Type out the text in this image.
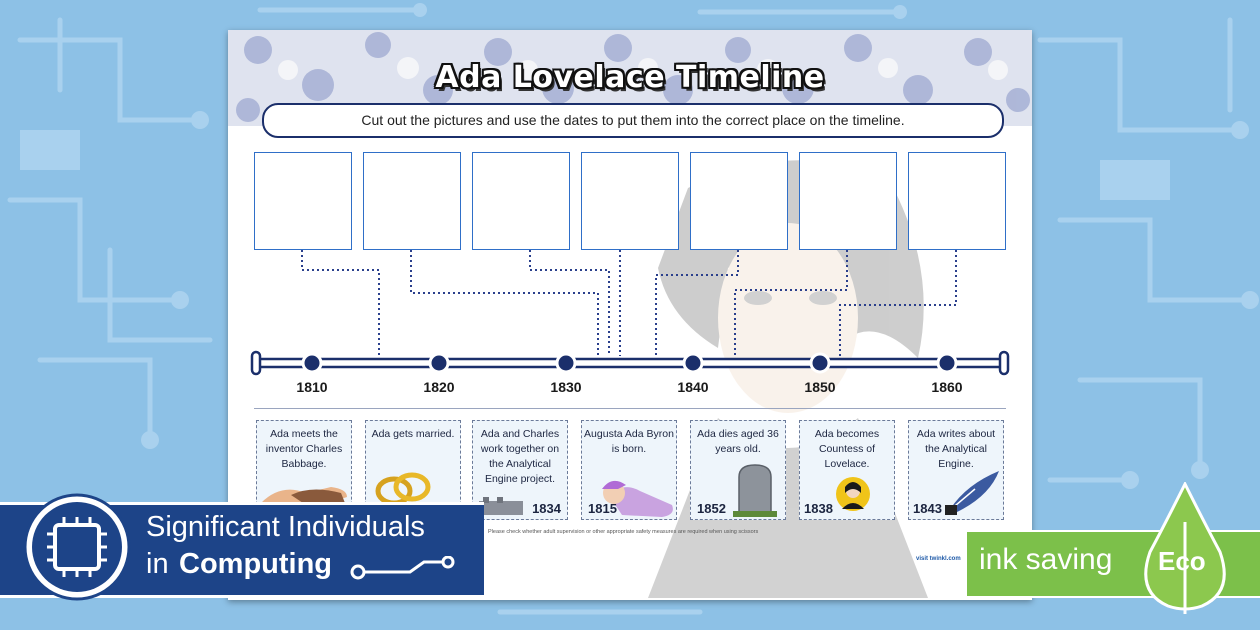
Ada Lovelace Timeline
Cut out the pictures and use the dates to put them into the correct place on the timeline.
1810	1820	1830	1840	1850	1860
Ada meets the inventor Charles Babbage.
Ada gets married.	Ada and Charles work together on the Analytical Engine project.
1834
Augusta Ada Byron is born.
1815
Ada dies aged 36 years old.
1852
Ada becomes Countess of Lovelace.
1838
Ada writes about the Analytical Engine.
1843
Please check whether adult supervision or other appropriate safety measures are required when using scissors
visit twinkl.com
Significant Individuals
in Computing	ink saving Eco
